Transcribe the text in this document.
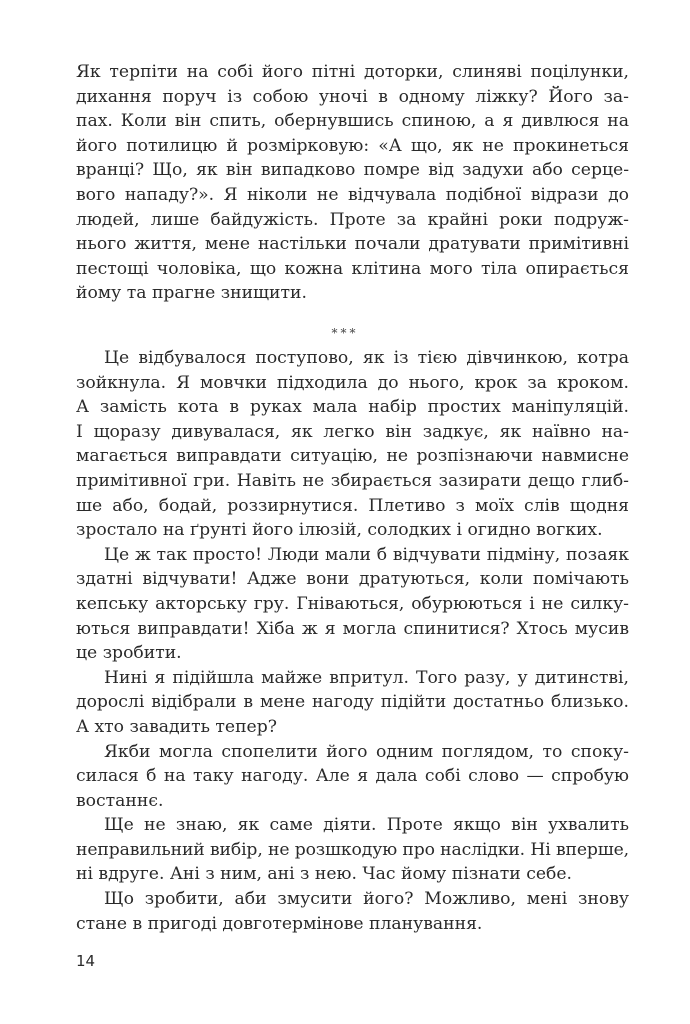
Як терпіти на собі його пітні доторки, слиняві поцілунки,
дихання поруч із собою уночі в одному ліжку? Його за-
пах. Коли він спить, обернувшись спиною, а я дивлюся на
його потилицю й розмірковую: «А що, як не прокинеться
вранці? Що, як він випадково помре від задухи або серце-
вого нападу?». Я ніколи не відчувала подібної відрази до
людей, лише байдужість. Проте за крайні роки подруж-
нього життя, мене настільки почали дратувати примітивні
пестощі чоловіка, що кожна клітина мого тіла опирається
йому та прагне знищити.
***

Це відбувалося поступово, як із тією дівчинкою, котра
зойкнула. Я мовчки підходила до нього, крок за кроком.
А замість кота в руках мала набір простих маніпуляцій.
І щоразу дивувалася, як легко він задкує, як наївно на-
магається виправдати ситуацію, не розпізнаючи навмисне
примітивної гри. Навіть не збирається зазирати дещо глиб-
ше або, бодай, роззирнутися. Плетиво з моїх слів щодня
зростало на ґрунті його ілюзій, солодких і огидно вогких.

Це ж так просто! Люди мали б відчувати підміну, позаяк
здатні відчувати! Адже вони дратуються, коли помічають
кепську акторську гру. Гніваються, обурюються і не силку-
ються виправдати! Хіба ж я могла спинитися? Хтось мусив
це зробити.

Нині я підійшла майже впритул. Того разу, у дитинстві,
дорослі відібрали в мене нагоду підійти достатньо близько.
А хто завадить тепер?

Якби могла спопелити його одним поглядом, то споку-
силася б на таку нагоду. Але я дала собі слово — спробую
востаннє.

Ще не знаю, як саме діяти. Проте якщо він ухвалить
неправильний вибір, не розшкодую про наслідки. Ні вперше,
ні вдруге. Ані з ним, ані з нею. Час йому пізнати себе.

Що зробити, аби змусити його? Можливо, мені знову
стане в пригоді довготермінове планування.

14
